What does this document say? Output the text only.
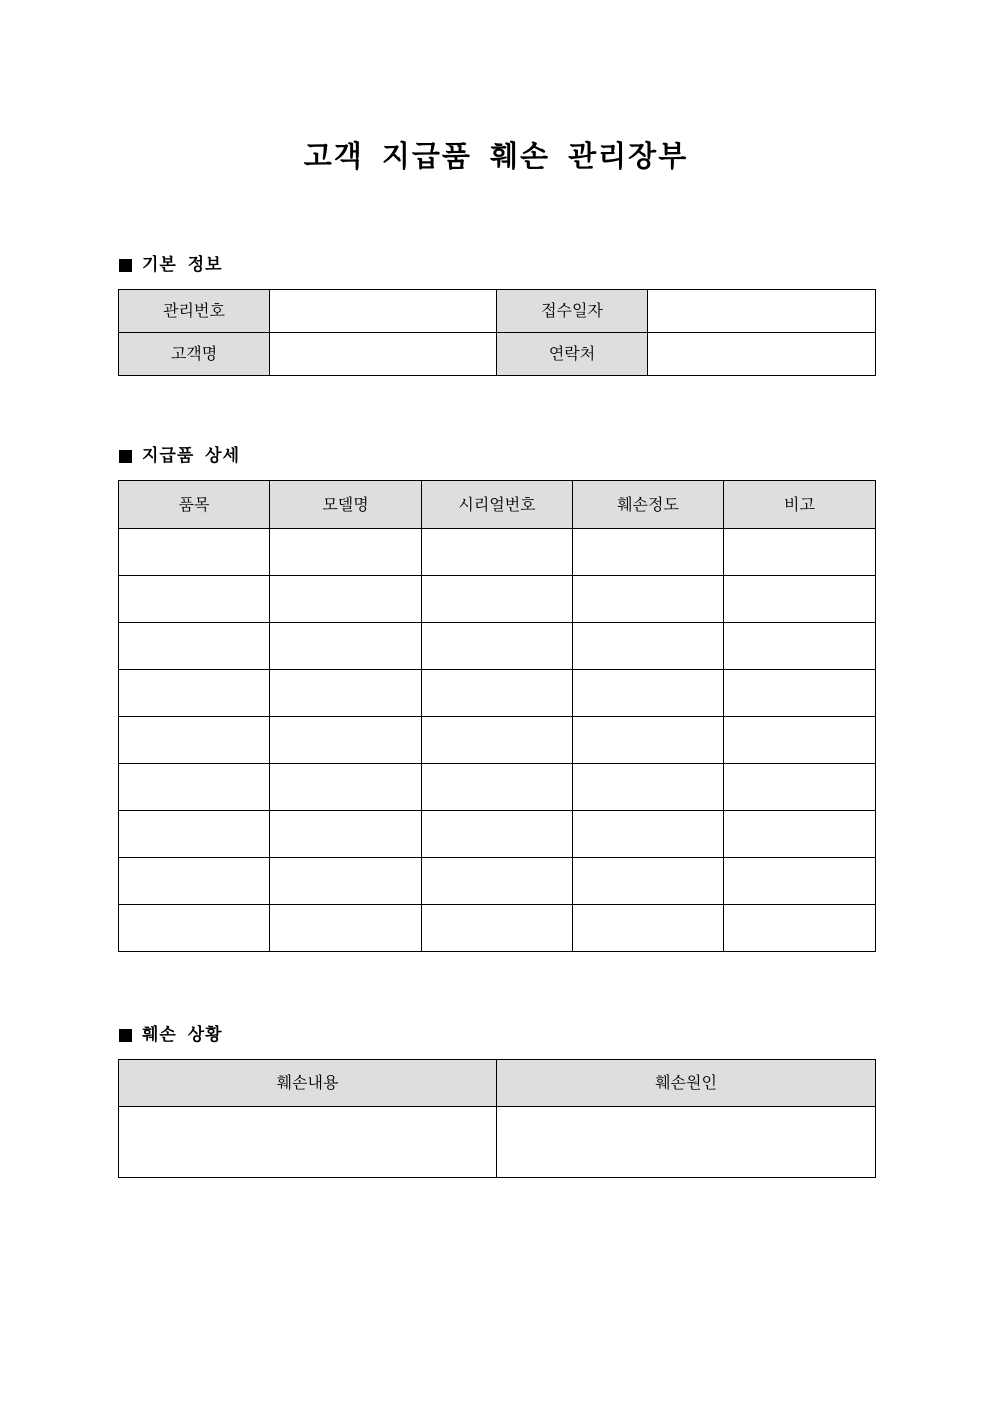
고객 지급품 훼손 관리장부
기본 정보
관리번호		접수일자	
고객명		연락처	
지급품 상세
품목	모델명	시리얼번호	훼손정도	비고

훼손 상황
훼손내용	훼손원인
